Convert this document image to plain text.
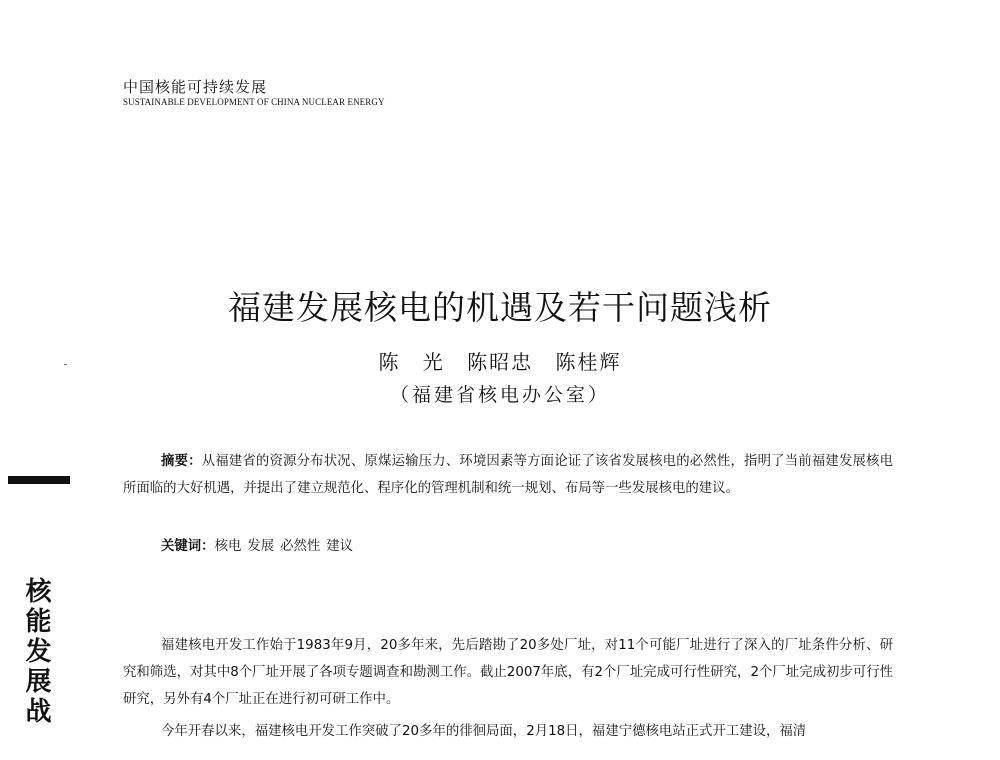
中国核能可持续发展
SUSTAINABLE DEVELOPMENT OF CHINA NUCLEAR ENERGY
核能发展战
福建发展核电的机遇及若干问题浅析
陈 光 陈昭忠 陈桂辉
（福建省核电办公室）
摘要：从福建省的资源分布状况、原煤运输压力、环境因素等方面论证了该省发展核电的必然性，指明了当前福建发展核电所面临的大好机遇，并提出了建立规范化、程序化的管理机制和统一规划、布局等一些发展核电的建议。
关键词：核电 发展 必然性 建议

福建核电开发工作始于1983年9月，20多年来，先后踏勘了20多处厂址，对11个可能厂址进行了深入的厂址条件分析、研究和筛选，对其中8个厂址开展了各项专题调查和勘测工作。截止2007年底，有2个厂址完成可行性研究，2个厂址完成初步可行性研究，另外有4个厂址正在进行初可研工作中。

今年开春以来，福建核电开发工作突破了20多年的徘徊局面，2月18日，福建宁德核电站正式开工建设，福清
